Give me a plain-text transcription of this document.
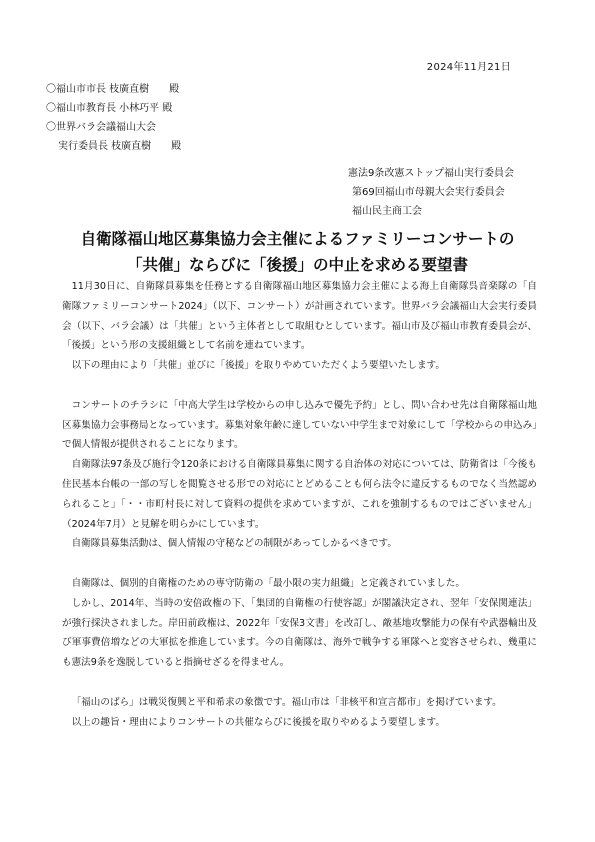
2024年11月21日
〇福山市市長 枝廣直樹　　殿
〇福山市教育長 小林巧平 殿
〇世界バラ会議福山大会
実行委員長 枝廣直樹　　殿
憲法9条改憲ストップ福山実行委員会
第69回福山市母親大会実行委員会
福山民主商工会
自衛隊福山地区募集協力会主催によるファミリーコンサートの
「共催」ならびに「後援」の中止を求める要望書

11月30日に、自衛隊員募集を任務とする自衛隊福山地区募集協力会主催による海上自衛隊呉音楽隊の「自衛隊ファミリーコンサート2024」（以下、コンサート）が計画されています。世界バラ会議福山大会実行委員会（以下、バラ会議）は「共催」という主体者として取組むとしています。福山市及び福山市教育委員会が、「後援」という形の支援組織として名前を連ねています。

以下の理由により「共催」並びに「後援」を取りやめていただくよう要望いたします。

コンサートのチラシに「中高大学生は学校からの申し込みで優先予約」とし、問い合わせ先は自衛隊福山地区募集協力会事務局となっています。募集対象年齢に達していない中学生まで対象にして「学校からの申込み」で個人情報が提供されることになります。

自衛隊法97条及び施行令120条における自衛隊員募集に関する自治体の対応については、防衛省は「今後も住民基本台帳の一部の写しを閲覧させる形での対応にとどめることも何ら法令に違反するものでなく当然認められること」「・・市町村長に対して資料の提供を求めていますが、これを強制するものではございません」（2024年7月）と見解を明らかにしています。

自衛隊員募集活動は、個人情報の守秘などの制限があってしかるべきです。

自衛隊は、個別的自衛権のための専守防衛の「最小限の実力組織」と定義されていました。

しかし、2014年、当時の安倍政権の下、「集団的自衛権の行使容認」が閣議決定され、翌年「安保関連法」が強行採決されました。岸田前政権は、2022年「安保3文書」を改訂し、敵基地攻撃能力の保有や武器輸出及び軍事費倍増などの大軍拡を推進しています。今の自衛隊は、海外で戦争する軍隊へと変容させられ、幾重にも憲法9条を逸脱していると指摘せざるを得ません。

「福山のばら」は戦災復興と平和希求の象徴です。福山市は「非核平和宣言都市」を掲げています。

以上の趣旨・理由によりコンサートの共催ならびに後援を取りやめるよう要望します。
